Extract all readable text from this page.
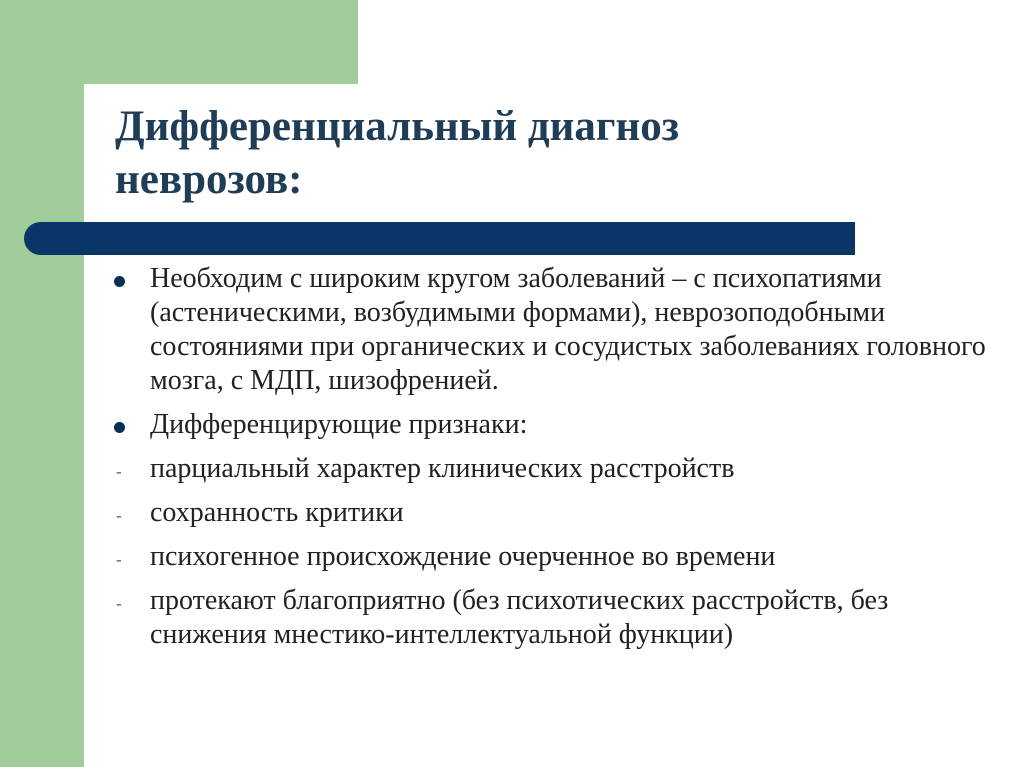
Дифференциальный диагноз неврозов:
Необходим с широким кругом заболеваний – с психопатиями (астеническими, возбудимыми формами), неврозоподобными состояниями при органических и сосудистых заболеваниях головного мозга, с МДП, шизофренией.
Дифференцирующие признаки:
-	парциальный характер клинических расстройств
-	сохранность критики
-	психогенное происхождение очерченное во времени
-	протекают благоприятно (без психотических расстройств, без снижения мнестико-интеллектуальной функции)
